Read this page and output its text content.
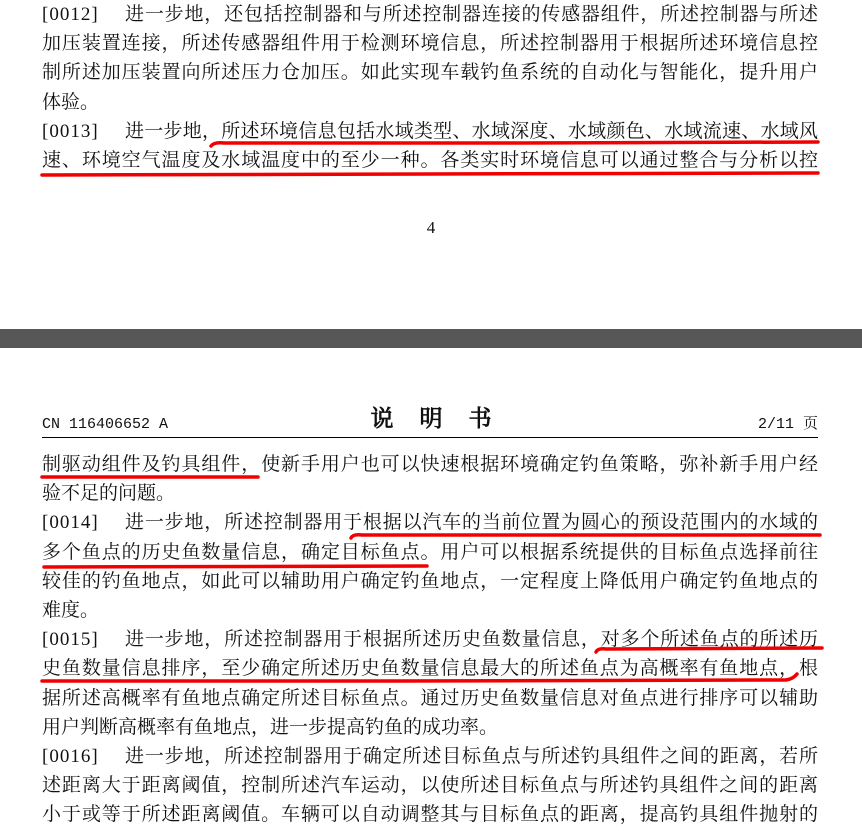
[0012]	进一步地，还包括控制器和与所述控制器连接的传感器组件，所述控制器与所述
加压装置连接，所述传感器组件用于检测环境信息，所述控制器用于根据所述环境信息控
制所述加压装置向所述压力仓加压。如此实现车载钓鱼系统的自动化与智能化，提升用户
体验。
[0013]	进一步地，所述环境信息包括水域类型、水域深度、水域颜色、水域流速、水域风
速、环境空气温度及水域温度中的至少一种。各类实时环境信息可以通过整合与分析以控
4
CN 116406652 A	说 明 书	2/11 页
制驱动组件及钓具组件，使新手用户也可以快速根据环境确定钓鱼策略，弥补新手用户经
验不足的问题。
[0014]	进一步地，所述控制器用于根据以汽车的当前位置为圆心的预设范围内的水域的
多个鱼点的历史鱼数量信息，确定目标鱼点。用户可以根据系统提供的目标鱼点选择前往
较佳的钓鱼地点，如此可以辅助用户确定钓鱼地点，一定程度上降低用户确定钓鱼地点的
难度。
[0015]	进一步地，所述控制器用于根据所述历史鱼数量信息，对多个所述鱼点的所述历
史鱼数量信息排序，至少确定所述历史鱼数量信息最大的所述鱼点为高概率有鱼地点，根
据所述高概率有鱼地点确定所述目标鱼点。通过历史鱼数量信息对鱼点进行排序可以辅助
用户判断高概率有鱼地点，进一步提高钓鱼的成功率。
[0016]	进一步地，所述控制器用于确定所述目标鱼点与所述钓具组件之间的距离，若所
述距离大于距离阈值，控制所述汽车运动，以使所述目标鱼点与所述钓具组件之间的距离
小于或等于所述距离阈值。车辆可以自动调整其与目标鱼点的距离，提高钓具组件抛射的
